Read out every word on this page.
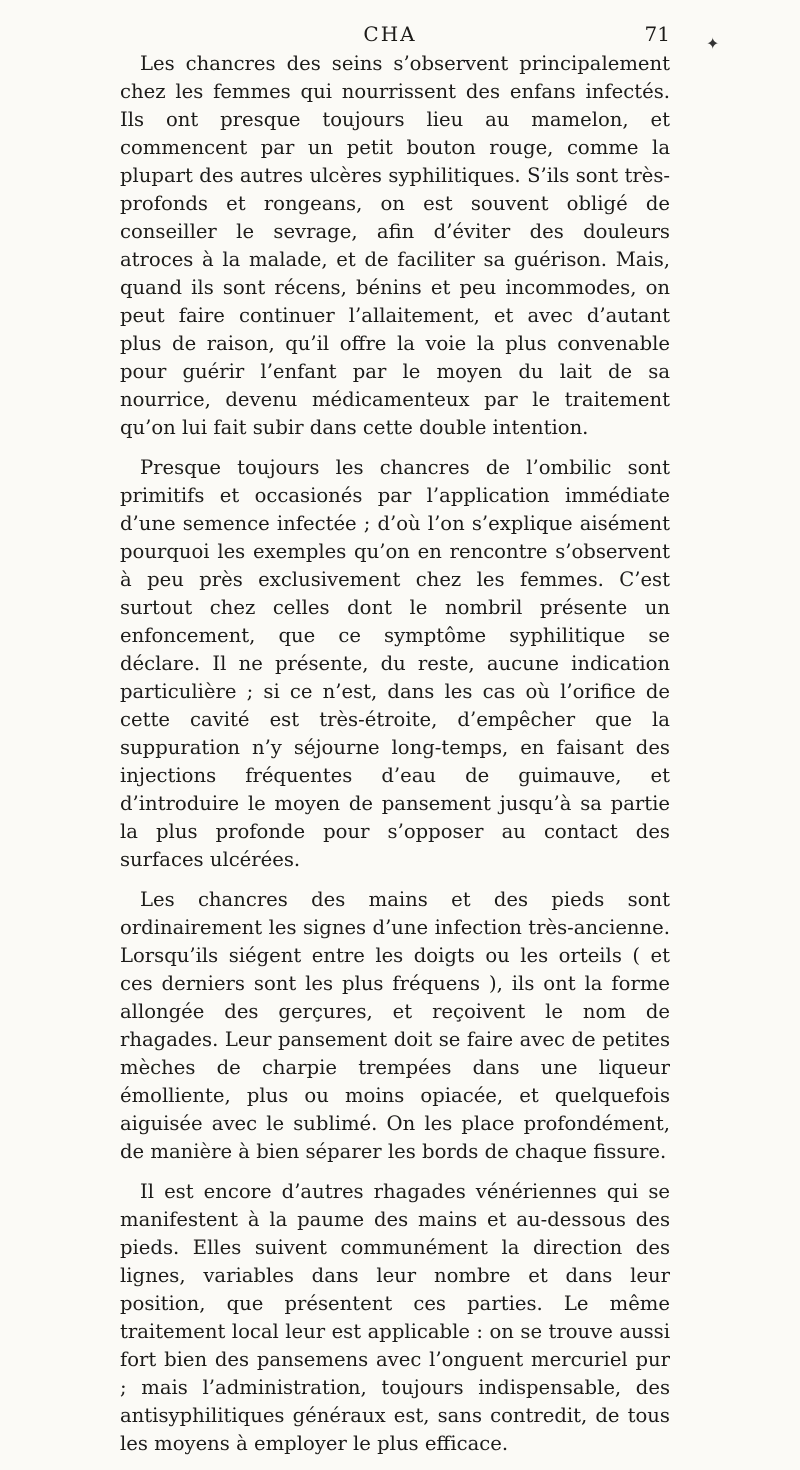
CHA	71 ✦

Les chancres des seins s’observent principalement chez les femmes qui nourrissent des enfans infectés. Ils ont presque toujours lieu au mamelon, et commencent par un petit bouton rouge, comme la plupart des autres ulcères syphilitiques. S’ils sont très-profonds et rongeans, on est souvent obligé de conseiller le sevrage, afin d’éviter des douleurs atroces à la malade, et de faciliter sa guérison. Mais, quand ils sont récens, bénins et peu incommodes, on peut faire continuer l’allaitement, et avec d’autant plus de raison, qu’il offre la voie la plus convenable pour guérir l’enfant par le moyen du lait de sa nourrice, devenu médicamenteux par le traitement qu’on lui fait subir dans cette double intention.

Presque toujours les chancres de l’ombilic sont primitifs et occasionés par l’application immédiate d’une semence infectée ; d’où l’on s’explique aisément pourquoi les exemples qu’on en rencontre s’observent à peu près exclusivement chez les femmes. C’est surtout chez celles dont le nombril présente un enfoncement, que ce symptôme syphilitique se déclare. Il ne présente, du reste, aucune indication particulière ; si ce n’est, dans les cas où l’orifice de cette cavité est très-étroite, d’empêcher que la suppuration n’y séjourne long-temps, en faisant des injections fréquentes d’eau de guimauve, et d’introduire le moyen de pansement jusqu’à sa partie la plus profonde pour s’opposer au contact des surfaces ulcérées.

Les chancres des mains et des pieds sont ordinairement les signes d’une infection très-ancienne. Lorsqu’ils siégent entre les doigts ou les orteils ( et ces derniers sont les plus fréquens ), ils ont la forme allongée des gerçures, et reçoivent le nom de rhagades. Leur pansement doit se faire avec de petites mèches de charpie trempées dans une liqueur émolliente, plus ou moins opiacée, et quelquefois aiguisée avec le sublimé. On les place profondément, de manière à bien séparer les bords de chaque fissure.

Il est encore d’autres rhagades vénériennes qui se manifestent à la paume des mains et au-dessous des pieds. Elles suivent communément la direction des lignes, variables dans leur nombre et dans leur position, que présentent ces parties. Le même traitement local leur est applicable : on se trouve aussi fort bien des pansemens avec l’onguent mercuriel pur ; mais l’administration, toujours indispensable, des antisyphilitiques généraux est, sans contredit, de tous les moyens à employer le plus efficace.
